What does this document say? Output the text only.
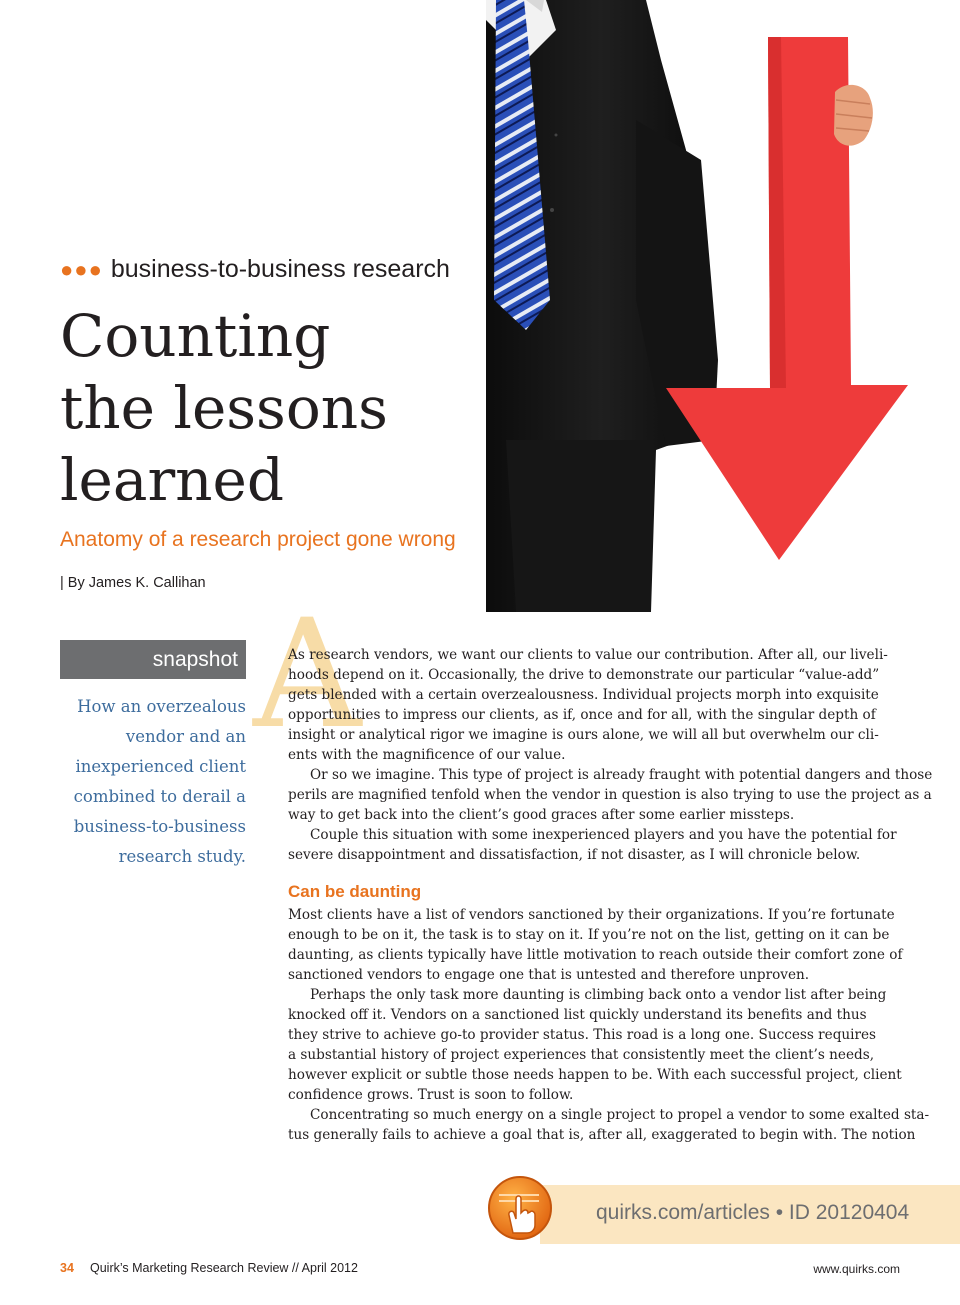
●●● business-to-business research
Counting
the lessons
learned
Anatomy of a research project gone wrong
| By James K. Callihan
snapshot
How an overzealous
vendor and an
inexperienced client
combined to derail a
business-to-business
research study.
A
As research vendors, we want our clients to value our contribution. After all, our liveli-
hoods depend on it. Occasionally, the drive to demonstrate our particular “value-add”
gets blended with a certain overzealousness. Individual projects morph into exquisite
opportunities to impress our clients, as if, once and for all, with the singular depth of
insight or analytical rigor we imagine is ours alone, we will all but overwhelm our cli-
ents with the magnificence of our value.
Or so we imagine. This type of project is already fraught with potential dangers and those
perils are magnified tenfold when the vendor in question is also trying to use the project as a
way to get back into the client’s good graces after some earlier missteps.
Couple this situation with some inexperienced players and you have the potential for
severe disappointment and dissatisfaction, if not disaster, as I will chronicle below.
Can be daunting
Most clients have a list of vendors sanctioned by their organizations. If you’re fortunate
enough to be on it, the task is to stay on it. If you’re not on the list, getting on it can be
daunting, as clients typically have little motivation to reach outside their comfort zone of
sanctioned vendors to engage one that is untested and therefore unproven.
Perhaps the only task more daunting is climbing back onto a vendor list after being
knocked off it. Vendors on a sanctioned list quickly understand its benefits and thus
they strive to achieve go-to provider status. This road is a long one. Success requires
a substantial history of project experiences that consistently meet the client’s needs,
however explicit or subtle those needs happen to be. With each successful project, client
confidence grows. Trust is soon to follow.
Concentrating so much energy on a single project to propel a vendor to some exalted sta-
tus generally fails to achieve a goal that is, after all, exaggerated to begin with. The notion
quirks.com/articles • ID 20120404
34 Quirk’s Marketing Research Review // April 2012	www.quirks.com
